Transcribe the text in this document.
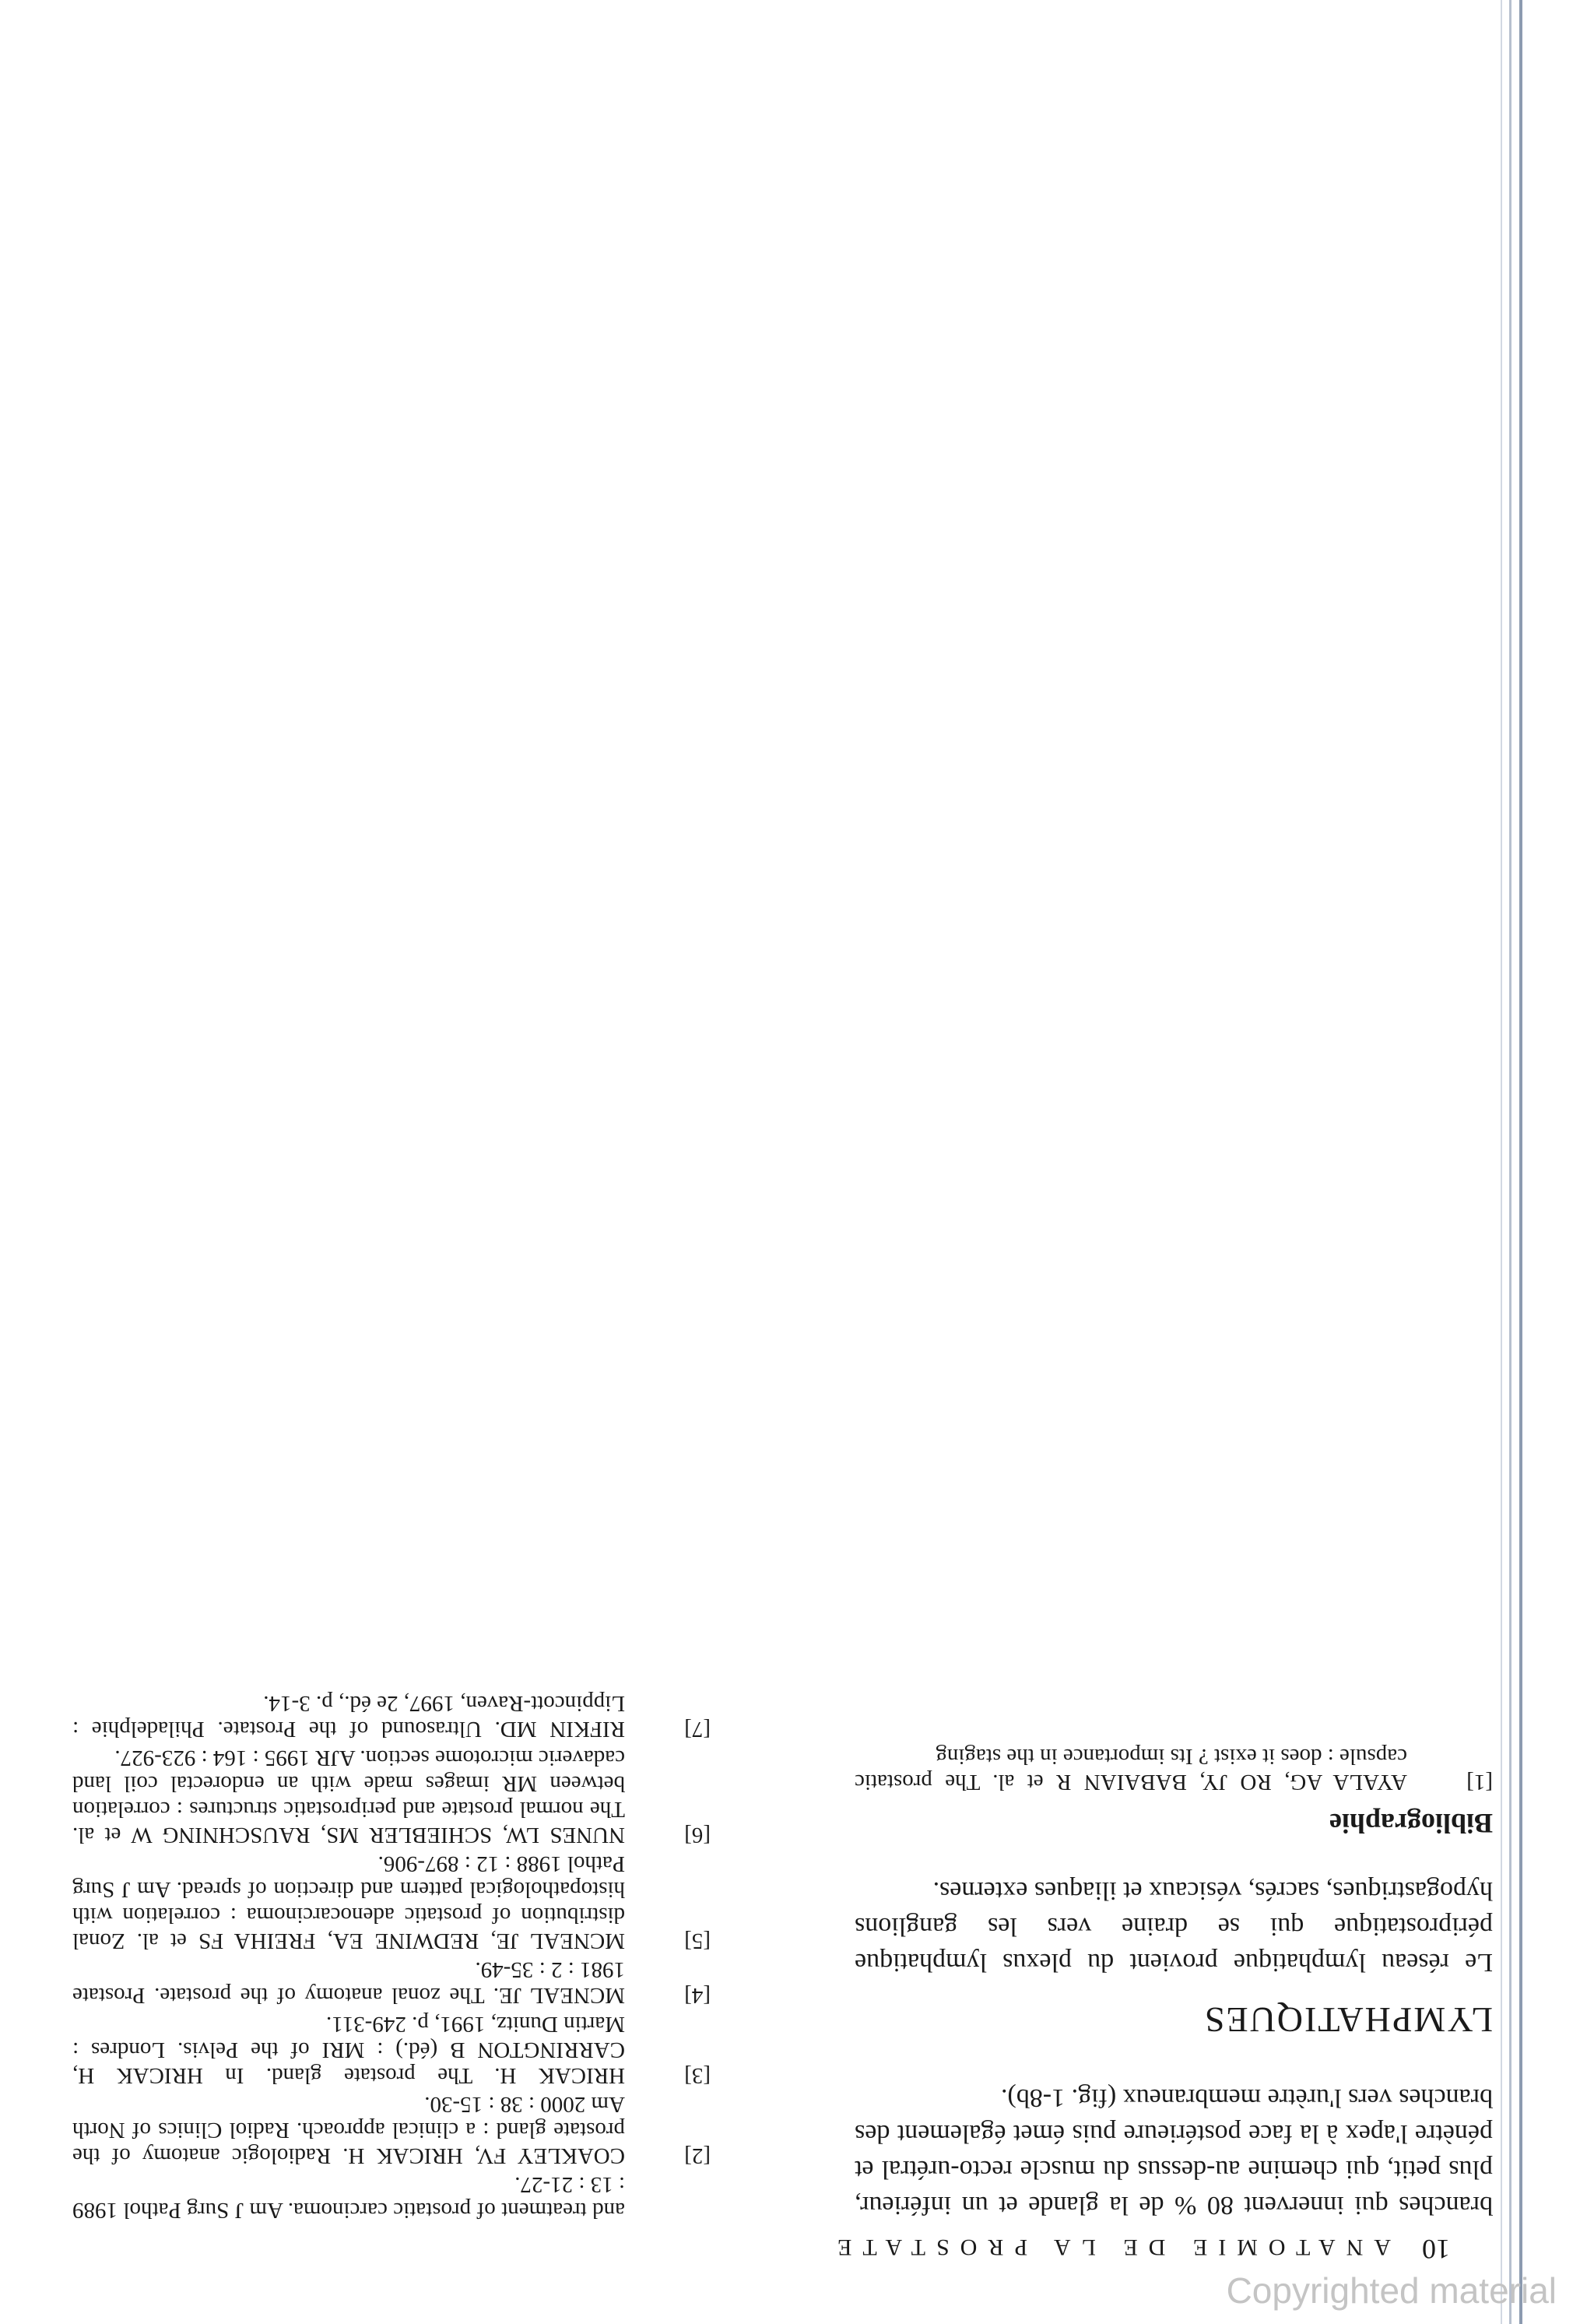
10ANATOMIE DE LA PROSTATE

branches qui innervent 80 % de la glande et un inférieur, plus petit, qui chemine au-dessus du muscle recto-urétral et pénètre l'apex à la face postérieure puis émet également des branches vers l'urètre membraneux (fig. 1-8b).

LYMPHATIQUES

Le réseau lymphatique provient du plexus lymphatique périprostatique qui se draine vers les ganglions hypogastriques, sacrés, vésicaux et iliaques externes.

Bibliographie
[1]
AYALA AG, RO JY, BABAIAN R et al. The prostatic capsule : does it exist ? Its importance in the staging
and treatment of prostatic carcinoma. Am J Surg Pathol 1989 : 13 : 21-27.
[2]
COAKLEY FV, HRICAK H. Radiologic anatomy of the prostate gland : a clinical approach. Radiol Clinics of North Am 2000 : 38 : 15-30.
[3]
HRICAK H. The prostate gland. In HRICAK H, CARRINGTON B (éd.) : MRI of the Pelvis. Londres : Martin Dunitz, 1991, p. 249-311.
[4]
MCNEAL JE. The zonal anatomy of the prostate. Prostate 1981 : 2 : 35-49.
[5]
MCNEAL JE, REDWINE EA, FREIHA FS et al. Zonal distribution of prostatic adenocarcinoma : correlation with histopathological pattern and direction of spread. Am J Surg Pathol 1988 : 12 : 897-906.
[6]
NUNES LW, SCHIEBLER MS, RAUSCHNING W et al. The normal prostate and periprostatic structures : correlation between MR images made with an endorectal coil land cadaveric microtome section. AJR 1995 : 164 : 923-927.
[7]
RIFKIN MD. Ultrasound of the Prostate. Philadelphie : Lippincott-Raven, 1997, 2e éd., p. 3-14.
Copyrighted material
